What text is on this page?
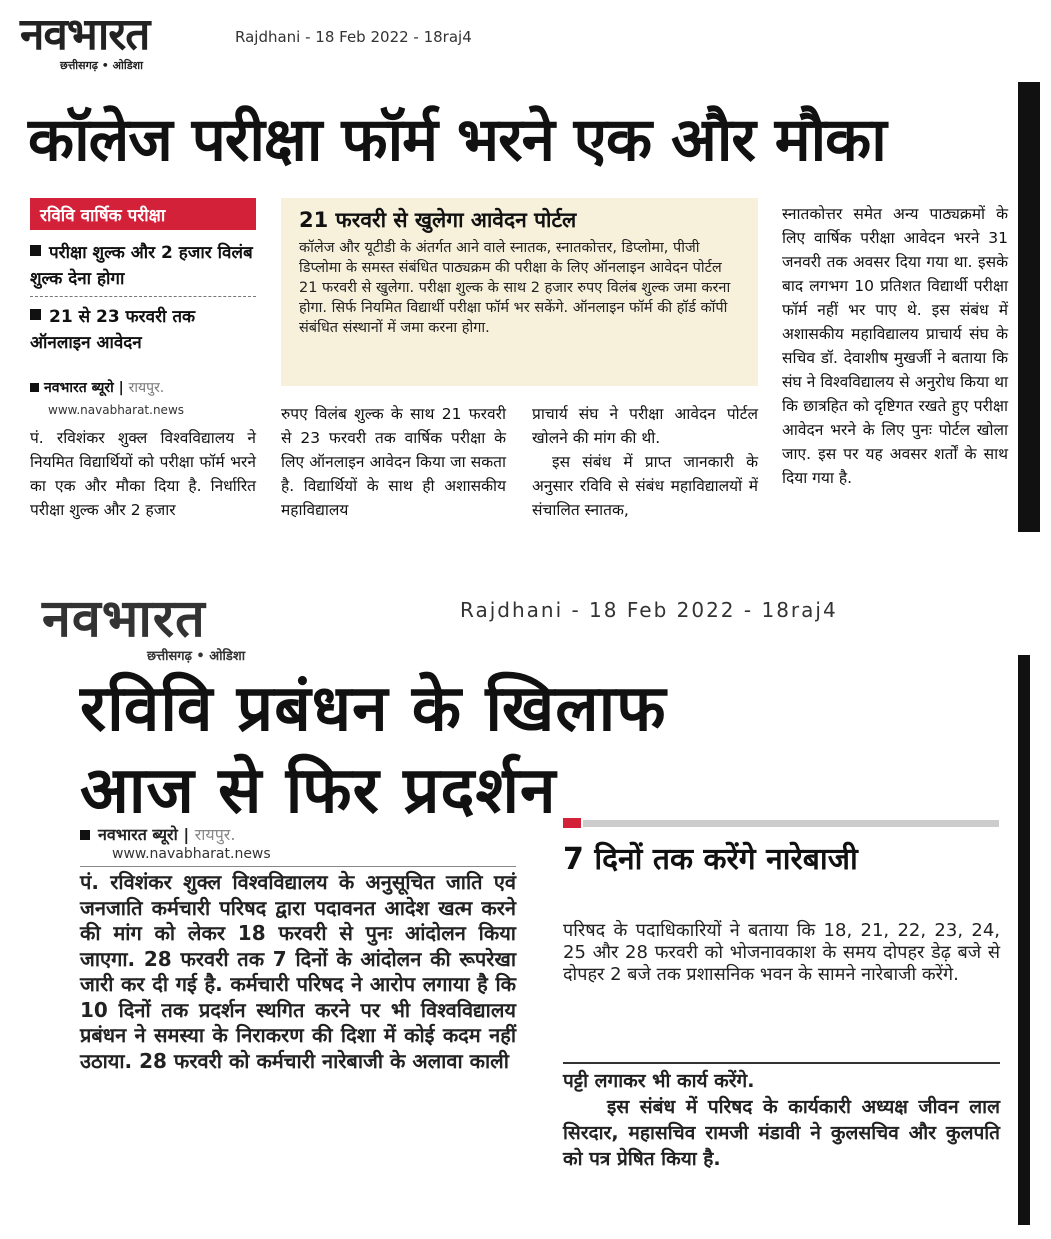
नवभारत
छत्तीसगढ़ • ओडिशा
Rajdhani - 18 Feb 2022 - 18raj4
कॉलेज परीक्षा फॉर्म भरने एक और मौका
रविवि वार्षिक परीक्षा
परीक्षा शुल्क और 2 हजार विलंब शुल्क देना होगा
21 से 23 फरवरी तक ऑनलाइन आवेदन
नवभारत ब्यूरो | रायपुर.
www.navabharat.news
पं. रविशंकर शुक्ल विश्वविद्यालय ने नियमित विद्यार्थियों को परीक्षा फॉर्म भरने का एक और मौका दिया है. निर्धारित परीक्षा शुल्क और 2 हजार
21 फरवरी से खुलेगा आवेदन पोर्टल
कॉलेज और यूटीडी के अंतर्गत आने वाले स्नातक, स्नातकोत्तर, डिप्लोमा, पीजी डिप्लोमा के समस्त संबंधित पाठ्यक्रम की परीक्षा के लिए ऑनलाइन आवेदन पोर्टल 21 फरवरी से खुलेगा. परीक्षा शुल्क के साथ 2 हजार रुपए विलंब शुल्क जमा करना होगा. सिर्फ नियमित विद्यार्थी परीक्षा फॉर्म भर सकेंगे. ऑनलाइन फॉर्म की हॉर्ड कॉपी संबंधित संस्थानों में जमा करना होगा.
रुपए विलंब शुल्क के साथ 21 फरवरी से 23 फरवरी तक वार्षिक परीक्षा के लिए ऑनलाइन आवेदन किया जा सकता है. विद्यार्थियों के साथ ही अशासकीय महाविद्यालय

प्राचार्य संघ ने परीक्षा आवेदन पोर्टल खोलने की मांग की थी.

इस संबंध में प्राप्त जानकारी के अनुसार रविवि से संबंध महाविद्यालयों में संचालित स्नातक,

स्नातकोत्तर समेत अन्य पाठ्यक्रमों के लिए वार्षिक परीक्षा आवेदन भरने 31 जनवरी तक अवसर दिया गया था. इसके बाद लगभग 10 प्रतिशत विद्यार्थी परीक्षा फॉर्म नहीं भर पाए थे. इस संबंध में अशासकीय महाविद्यालय प्राचार्य संघ के सचिव डॉ. देवाशीष मुखर्जी ने बताया कि संघ ने विश्वविद्यालय से अनुरोध किया था कि छात्रहित को दृष्टिगत रखते हुए परीक्षा आवेदन भरने के लिए पुनः पोर्टल खोला जाए. इस पर यह अवसर शर्तों के साथ दिया गया है.
नवभारत
छत्तीसगढ़ • ओडिशा
Rajdhani - 18 Feb 2022 - 18raj4
रविवि प्रबंधन के खिलाफ
आज से फिर प्रदर्शन
नवभारत ब्यूरो | रायपुर.
www.navabharat.news
पं. रविशंकर शुक्ल विश्वविद्यालय के अनुसूचित जाति एवं जनजाति कर्मचारी परिषद द्वारा पदावनत आदेश खत्म करने की मांग को लेकर 18 फरवरी से पुनः आंदोलन किया जाएगा. 28 फरवरी तक 7 दिनों के आंदोलन की रूपरेखा जारी कर दी गई है. कर्मचारी परिषद ने आरोप लगाया है कि 10 दिनों तक प्रदर्शन स्थगित करने पर भी विश्वविद्यालय प्रबंधन ने समस्या के निराकरण की दिशा में कोई कदम नहीं उठाया. 28 फरवरी को कर्मचारी नारेबाजी के अलावा काली
7 दिनों तक करेंगे नारेबाजी
परिषद के पदाधिकारियों ने बताया कि 18, 21, 22, 23, 24, 25 और 28 फरवरी को भोजनावकाश के समय दोपहर डेढ़ बजे से दोपहर 2 बजे तक प्रशासनिक भवन के सामने नारेबाजी करेंगे.

पट्टी लगाकर भी कार्य करेंगे.

इस संबंध में परिषद के कार्यकारी अध्यक्ष जीवन लाल सिरदार, महासचिव रामजी मंडावी ने कुलसचिव और कुलपति को पत्र प्रेषित किया है.
